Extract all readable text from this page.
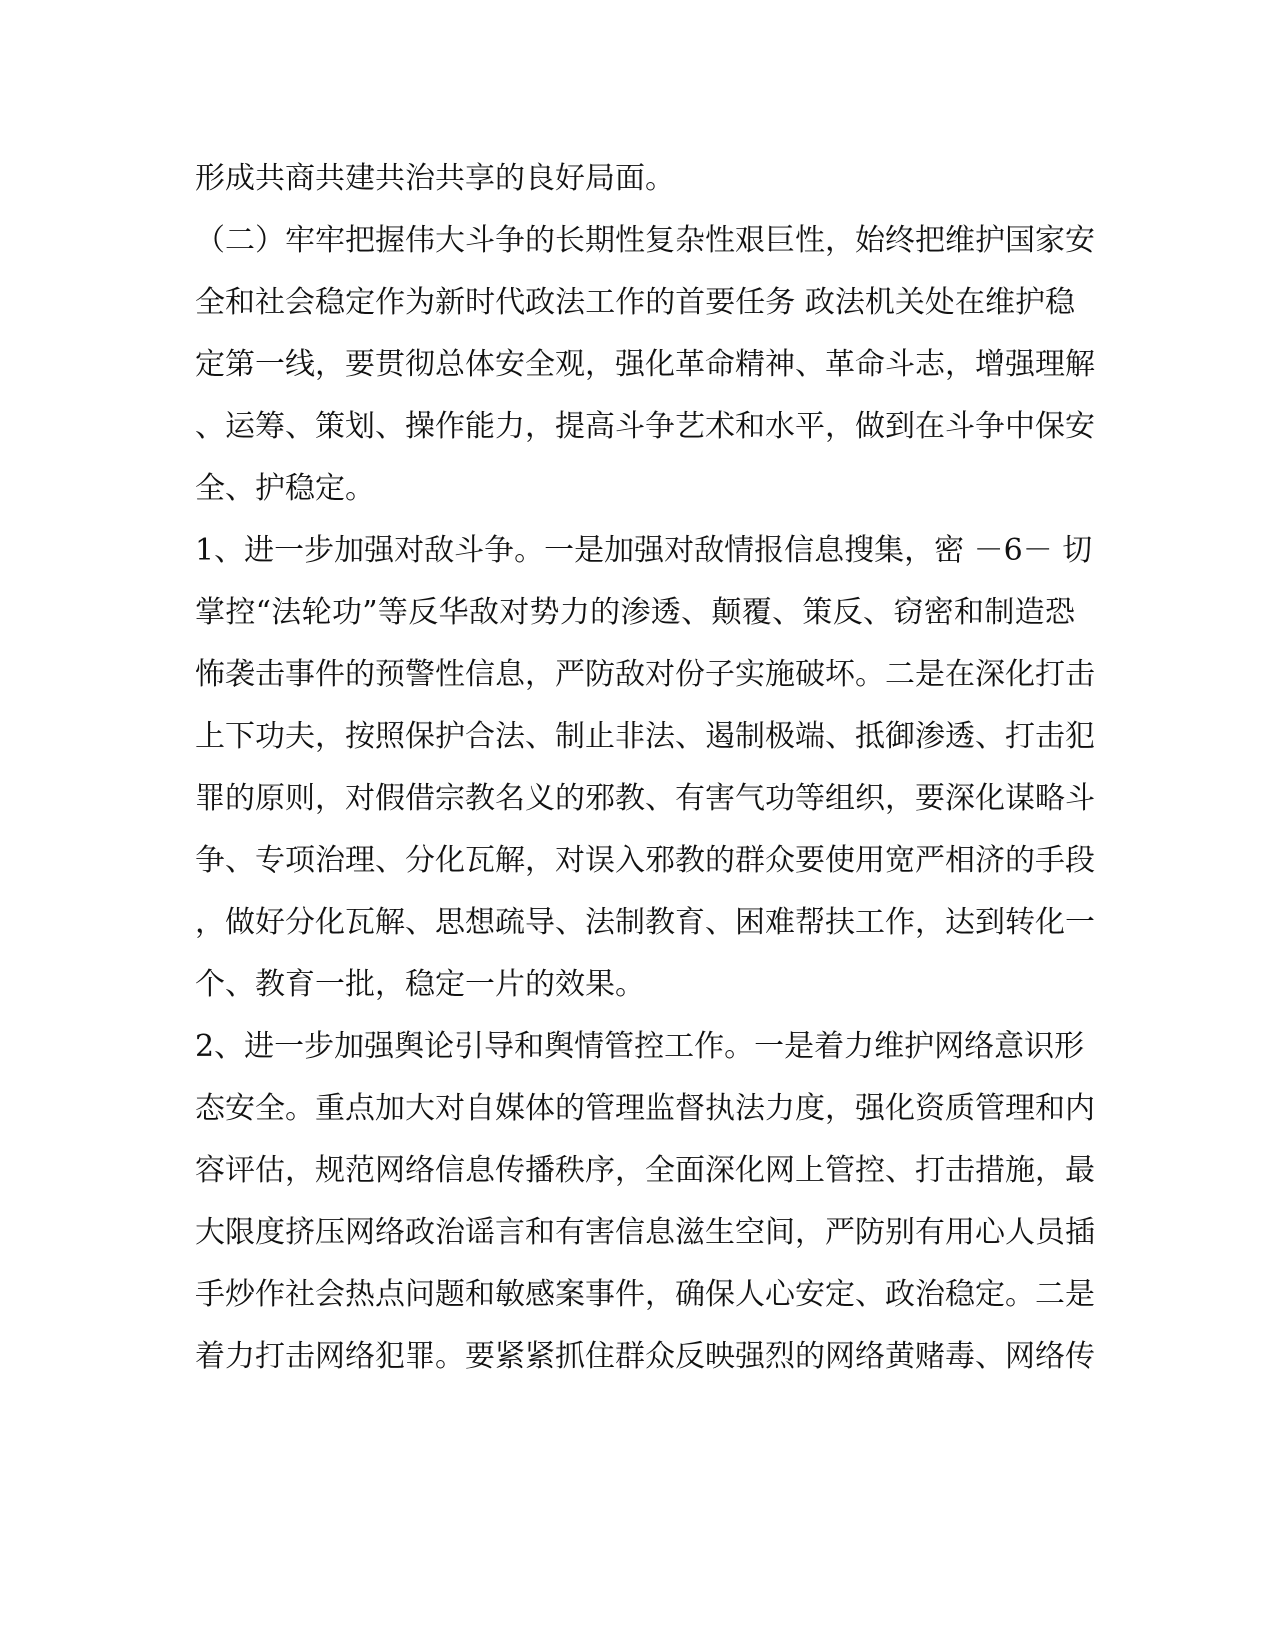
形成共商共建共治共享的良好局面。
（二）牢牢把握伟大斗争的长期性复杂性艰巨性，始终把维护国家安
全和社会稳定作为新时代政法工作的首要任务 政法机关处在维护稳
定第一线，要贯彻总体安全观，强化革命精神、革命斗志，增强理解
、运筹、策划、操作能力，提高斗争艺术和水平，做到在斗争中保安
全、护稳定。
1、进一步加强对敌斗争。一是加强对敌情报信息搜集，密 －6－ 切
掌控“法轮功”等反华敌对势力的渗透、颠覆、策反、窃密和制造恐
怖袭击事件的预警性信息，严防敌对份子实施破坏。二是在深化打击
上下功夫，按照保护合法、制止非法、遏制极端、抵御渗透、打击犯
罪的原则，对假借宗教名义的邪教、有害气功等组织，要深化谋略斗
争、专项治理、分化瓦解，对误入邪教的群众要使用宽严相济的手段
，做好分化瓦解、思想疏导、法制教育、困难帮扶工作，达到转化一
个、教育一批，稳定一片的效果。
2、进一步加强舆论引导和舆情管控工作。一是着力维护网络意识形
态安全。重点加大对自媒体的管理监督执法力度，强化资质管理和内
容评估，规范网络信息传播秩序，全面深化网上管控、打击措施，最
大限度挤压网络政治谣言和有害信息滋生空间，严防别有用心人员插
手炒作社会热点问题和敏感案事件，确保人心安定、政治稳定。二是
着力打击网络犯罪。要紧紧抓住群众反映强烈的网络黄赌毒、网络传
